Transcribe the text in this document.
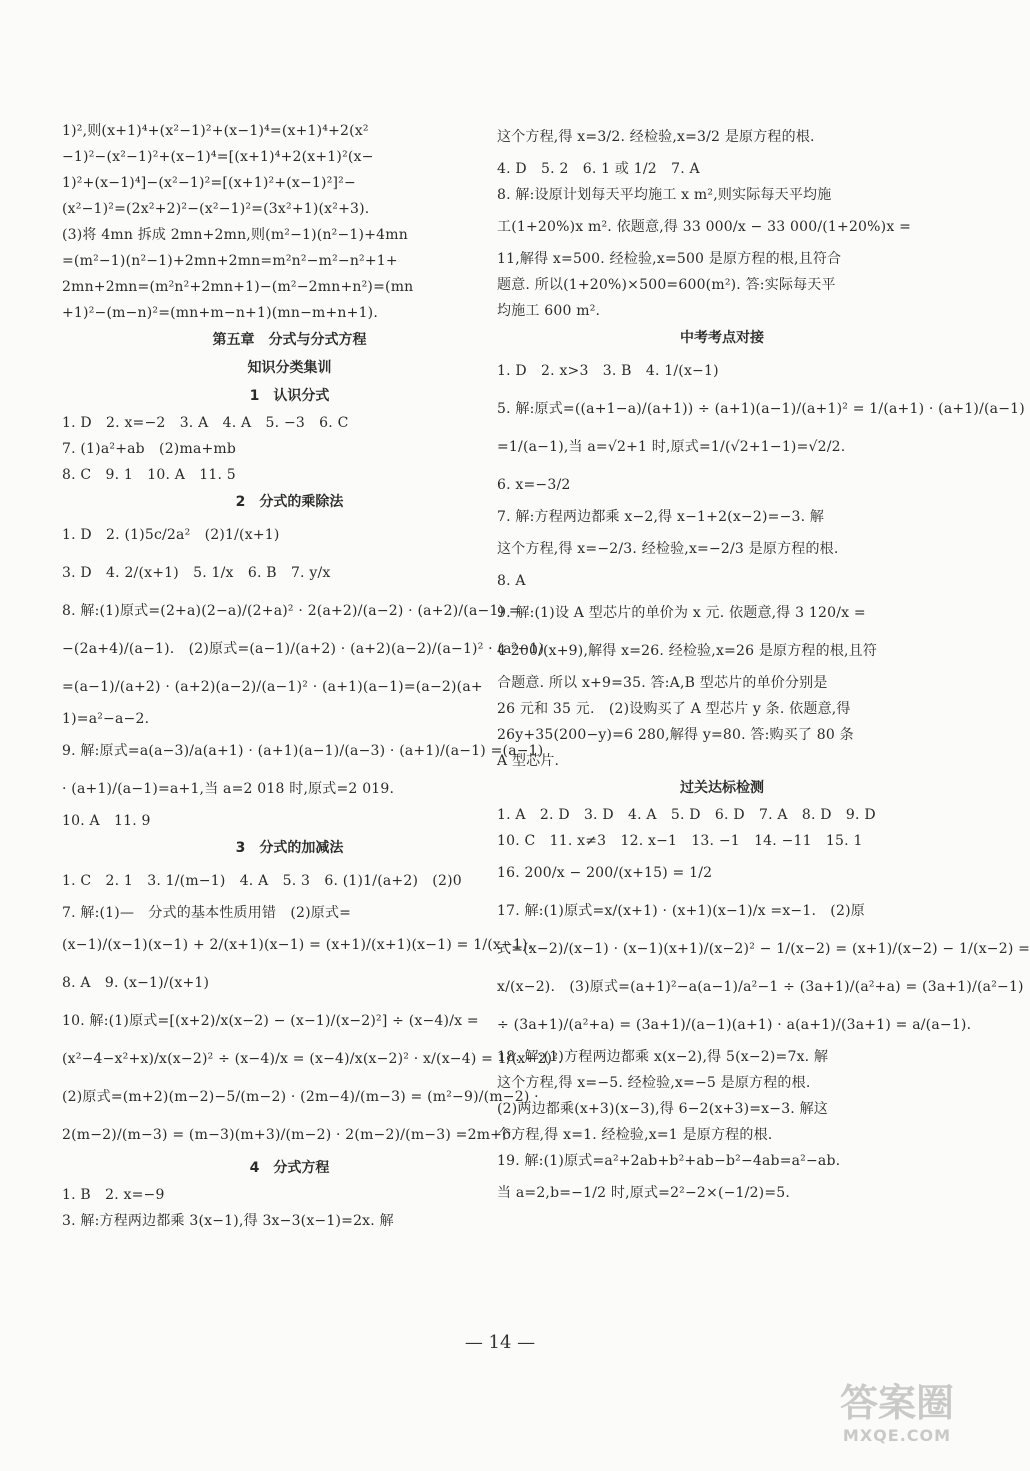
1)²,则(x+1)⁴+(x²−1)²+(x−1)⁴=(x+1)⁴+2(x²
−1)²−(x²−1)²+(x−1)⁴=[(x+1)⁴+2(x+1)²(x−
1)²+(x−1)⁴]−(x²−1)²=[(x+1)²+(x−1)²]²−
(x²−1)²=(2x²+2)²−(x²−1)²=(3x²+1)(x²+3).
(3)将 4mn 拆成 2mn+2mn,则(m²−1)(n²−1)+4mn
=(m²−1)(n²−1)+2mn+2mn=m²n²−m²−n²+1+
2mn+2mn=(m²n²+2mn+1)−(m²−2mn+n²)=(mn
+1)²−(m−n)²=(mn+m−n+1)(mn−m+n+1).
第五章　分式与分式方程
知识分类集训
1　认识分式
1. D　2. x=−2　3. A　4. A　5. −3　6. C
7. (1)a²+ab　(2)ma+mb
8. C　9. 1　10. A　11. 5
2　分式的乘除法
1. D　2. (1)5c/2a²　(2)1/(x+1)
3. D　4. 2/(x+1)　5. 1/x　6. B　7. y/x
8. 解:(1)原式=(2+a)(2−a)/(2+a)² · 2(a+2)/(a−2) · (a+2)/(a−1) =
−(2a+4)/(a−1).　(2)原式=(a−1)/(a+2) · (a+2)(a−2)/(a−1)² · (a²−1)
=(a−1)/(a+2) · (a+2)(a−2)/(a−1)² · (a+1)(a−1)=(a−2)(a+
1)=a²−a−2.
9. 解:原式=a(a−3)/a(a+1) · (a+1)(a−1)/(a−3) · (a+1)/(a−1) =(a−1)
· (a+1)/(a−1)=a+1,当 a=2 018 时,原式=2 019.
10. A　11. 9
3　分式的加减法
1. C　2. 1　3. 1/(m−1)　4. A　5. 3　6. (1)1/(a+2)　(2)0
7. 解:(1)—　分式的基本性质用错　(2)原式=
(x−1)/(x−1)(x−1) + 2/(x+1)(x−1) = (x+1)/(x+1)(x−1) = 1/(x−1).
8. A　9. (x−1)/(x+1)
10. 解:(1)原式=[(x+2)/x(x−2) − (x−1)/(x−2)²] ÷ (x−4)/x =
(x²−4−x²+x)/x(x−2)² ÷ (x−4)/x = (x−4)/x(x−2)² · x/(x−4) = 1/(x−2)².
(2)原式=(m+2)(m−2)−5/(m−2) · (2m−4)/(m−3) = (m²−9)/(m−2) ·
2(m−2)/(m−3) = (m−3)(m+3)/(m−2) · 2(m−2)/(m−3) =2m+6.
4　分式方程
1. B　2. x=−9
3. 解:方程两边都乘 3(x−1),得 3x−3(x−1)=2x. 解
这个方程,得 x=3/2. 经检验,x=3/2 是原方程的根.
4. D　5. 2　6. 1 或 1/2　7. A
8. 解:设原计划每天平均施工 x m²,则实际每天平均施
工(1+20%)x m². 依题意,得 33 000/x − 33 000/(1+20%)x =
11,解得 x=500. 经检验,x=500 是原方程的根,且符合
题意. 所以(1+20%)×500=600(m²). 答:实际每天平
均施工 600 m².
中考考点对接
1. D　2. x>3　3. B　4. 1/(x−1)
5. 解:原式=((a+1−a)/(a+1)) ÷ (a+1)(a−1)/(a+1)² = 1/(a+1) · (a+1)/(a−1)
=1/(a−1),当 a=√2+1 时,原式=1/(√2+1−1)=√2/2.
6. x=−3/2
7. 解:方程两边都乘 x−2,得 x−1+2(x−2)=−3. 解
这个方程,得 x=−2/3. 经检验,x=−2/3 是原方程的根.
8. A
9. 解:(1)设 A 型芯片的单价为 x 元. 依题意,得 3 120/x =
4 200/(x+9),解得 x=26. 经检验,x=26 是原方程的根,且符
合题意. 所以 x+9=35. 答:A,B 型芯片的单价分别是
26 元和 35 元.　(2)设购买了 A 型芯片 y 条. 依题意,得
26y+35(200−y)=6 280,解得 y=80. 答:购买了 80 条
A 型芯片.
过关达标检测
1. A　2. D　3. D　4. A　5. D　6. D　7. A　8. D　9. D
10. C　11. x≠3　12. x−1　13. −1　14. −11　15. 1
16. 200/x − 200/(x+15) = 1/2
17. 解:(1)原式=x/(x+1) · (x+1)(x−1)/x =x−1.　(2)原
式=(x−2)/(x−1) · (x−1)(x+1)/(x−2)² − 1/(x−2) = (x+1)/(x−2) − 1/(x−2) =
x/(x−2).　(3)原式=(a+1)²−a(a−1)/a²−1 ÷ (3a+1)/(a²+a) = (3a+1)/(a²−1)
÷ (3a+1)/(a²+a) = (3a+1)/(a−1)(a+1) · a(a+1)/(3a+1) = a/(a−1).
18. 解:(1)方程两边都乘 x(x−2),得 5(x−2)=7x. 解
这个方程,得 x=−5. 经检验,x=−5 是原方程的根.
(2)两边都乘(x+3)(x−3),得 6−2(x+3)=x−3. 解这
个方程,得 x=1. 经检验,x=1 是原方程的根.
19. 解:(1)原式=a²+2ab+b²+ab−b²−4ab=a²−ab.
当 a=2,b=−1/2 时,原式=2²−2×(−1/2)=5.
— 14 —
答案圈
MXQE.COM
